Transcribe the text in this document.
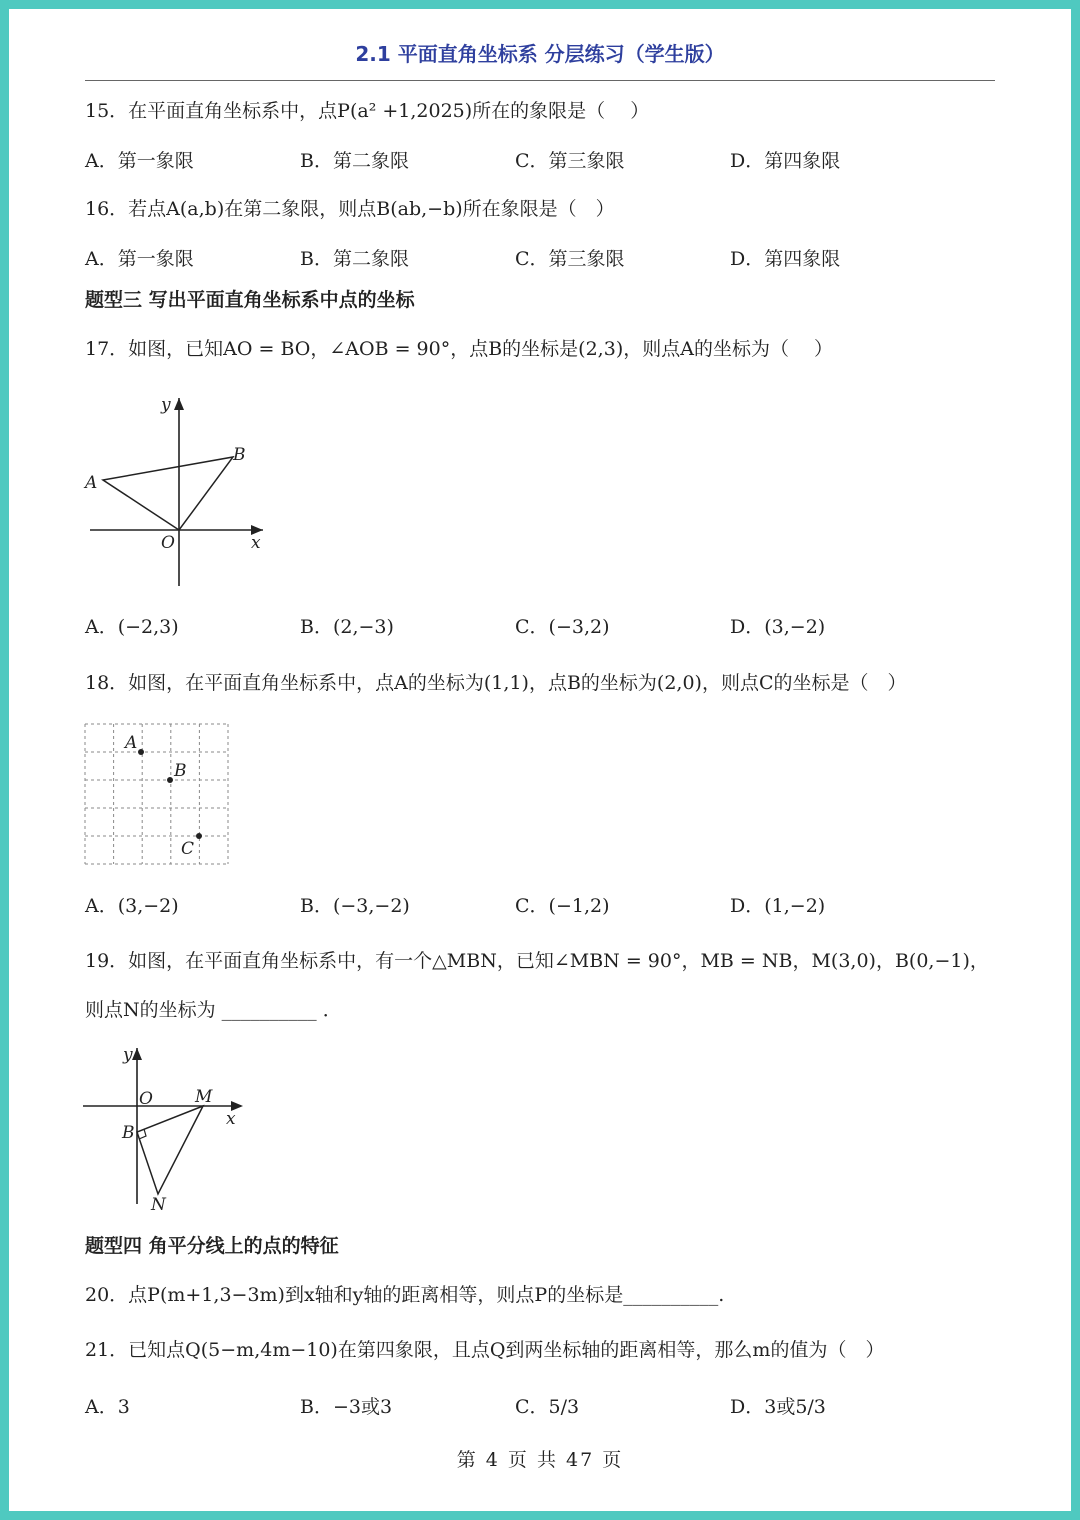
2.1 平面直角坐标系 分层练习（学生版）
15．在平面直角坐标系中，点P(a² +1,2025)所在的象限是（　 ）
A．第一象限	B．第二象限	C．第三象限	D．第四象限
16．若点A(a,b)在第二象限，则点B(ab,−b)所在象限是（　）
A．第一象限	B．第二象限	C．第三象限	D．第四象限
题型三 写出平面直角坐标系中点的坐标
17．如图，已知AO = BO，∠AOB = 90°，点B的坐标是(2,3)，则点A的坐标为（　 ）
y
x
O
A
B
A．(−2,3)	B．(2,−3)	C．(−3,2)	D．(3,−2)
18．如图，在平面直角坐标系中，点A的坐标为(1,1)，点B的坐标为(2,0)，则点C的坐标是（　）
A
B
C
A．(3,−2)	B．(−3,−2)	C．(−1,2)	D．(1,−2)
19．如图，在平面直角坐标系中，有一个△MBN，已知∠MBN = 90°，MB = NB，M(3,0)，B(0,−1)，
则点N的坐标为 __________ ．
y
x
O M
B
N
题型四 角平分线上的点的特征
20．点P(m+1,3−3m)到x轴和y轴的距离相等，则点P的坐标是__________.
21．已知点Q(5−m,4m−10)在第四象限，且点Q到两坐标轴的距离相等，那么m的值为（　）
A．3	B．−3或3	C．5/3	D．3或5/3
第 4 页 共 47 页
